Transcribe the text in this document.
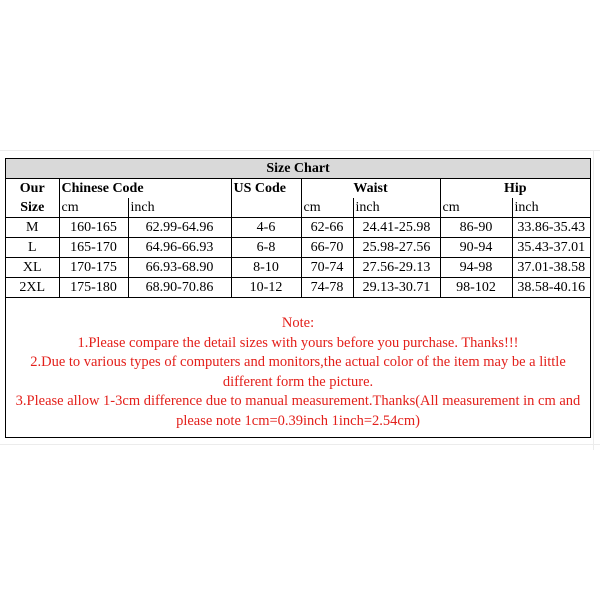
Size Chart							
Our	Chinese Code		US Code	Waist		Hip	
Size	cm	inch		cm	inch	cm	inch
M	160-165	62.99-64.96	4-6	62-66	24.41-25.98	86-90	33.86-35.43
L	165-170	64.96-66.93	6-8	66-70	25.98-27.56	90-94	35.43-37.01
XL	170-175	66.93-68.90	8-10	70-74	27.56-29.13	94-98	37.01-38.58
2XL	175-180	68.90-70.86	10-12	74-78	29.13-30.71	98-102	38.58-40.16
Note:
1.Please compare the detail sizes with yours before you purchase. Thanks!!!
2.Due to various types of computers and monitors,the actual color of the item may be a little
different form the picture.
3.Please allow 1-3cm difference due to manual measurement.Thanks(All measurement in cm and
please note 1cm=0.39inch 1inch=2.54cm)
